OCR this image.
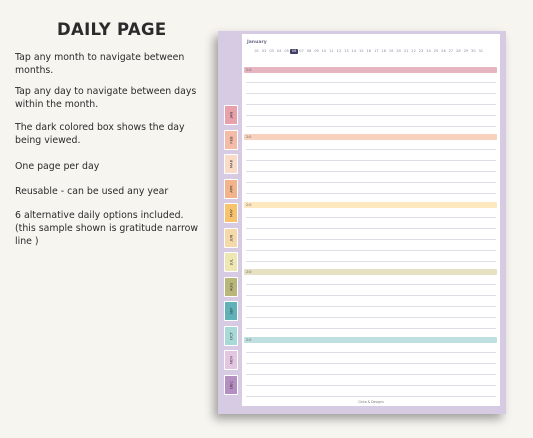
DAILY PAGE

Tap any month to navigate between months.

Tap any day to navigate between days within the month.

The dark colored box shows the day being viewed.

One page per day

Reusable - can be used any year

6 alternative daily options included. (this sample shown is gratitude narrow line )

JAN
FEB
MAR
APR
MAY
JUN
JUL
AUG
SEP
OCT
NOV
DEC
January
01 02 03 04 05 06 07 08 09 10 11 12 13 14 15 16 17 18 19 20 21 22 23 24 25 26 27 28 29 30 31
2:0
2:0
2:0
2:0
2:0
Cinta & Designs
